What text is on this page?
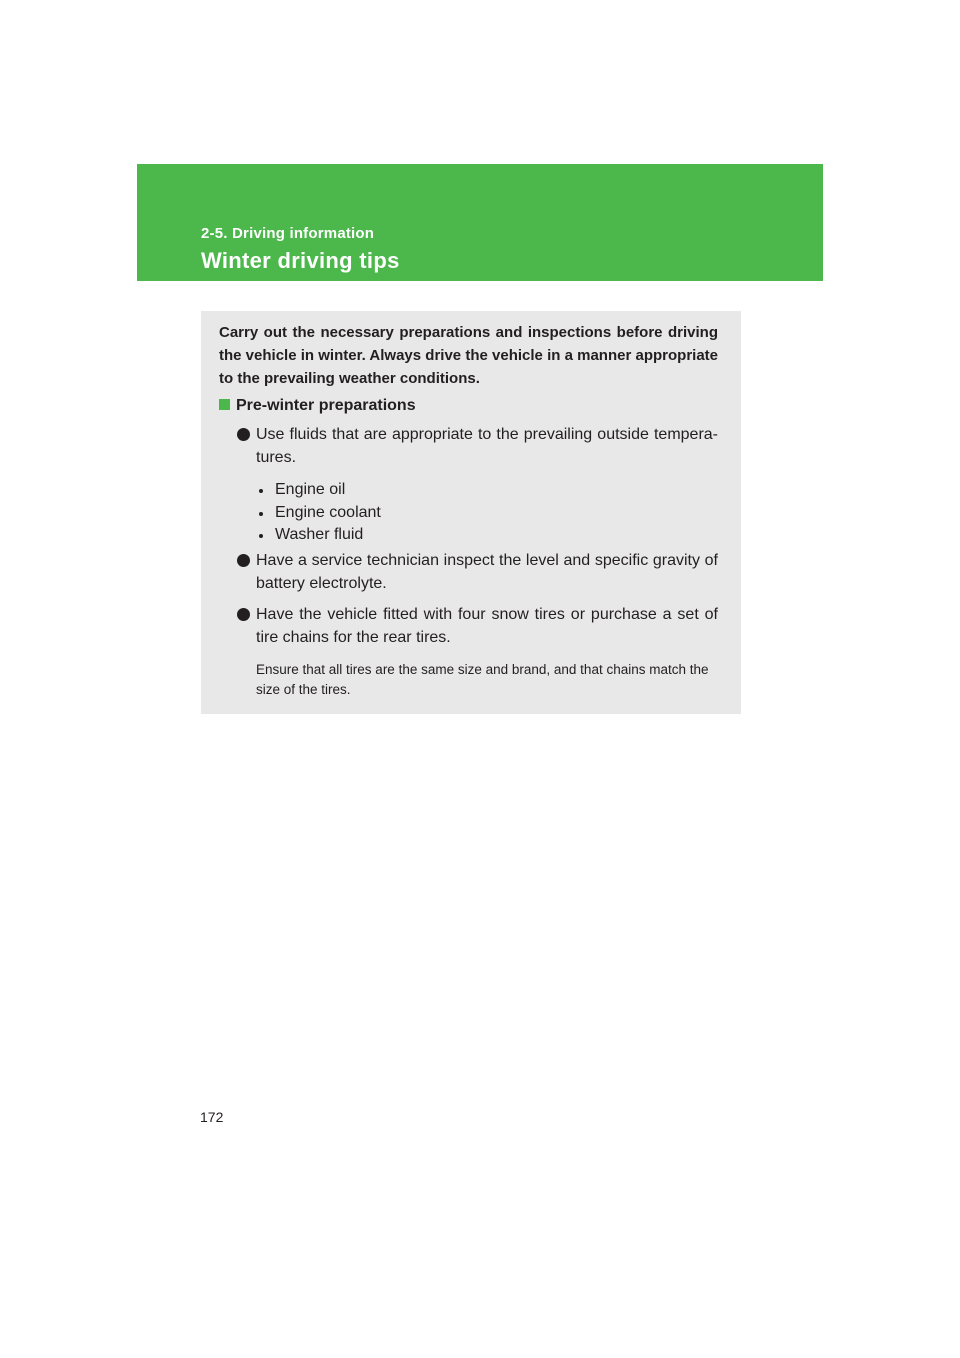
2-5. Driving information
Winter driving tips

Carry out the necessary preparations and inspections before driving the vehicle in winter. Always drive the vehicle in a manner appropriate to the prevailing weather conditions.

Pre-winter preparations
Use fluids that are appropriate to the prevailing outside tempera-tures.
Engine oil
Engine coolant
Washer fluid
Have a service technician inspect the level and specific gravity of battery electrolyte.
Have the vehicle fitted with four snow tires or purchase a set of tire chains for the rear tires.

Ensure that all tires are the same size and brand, and that chains match the size of the tires.

172
